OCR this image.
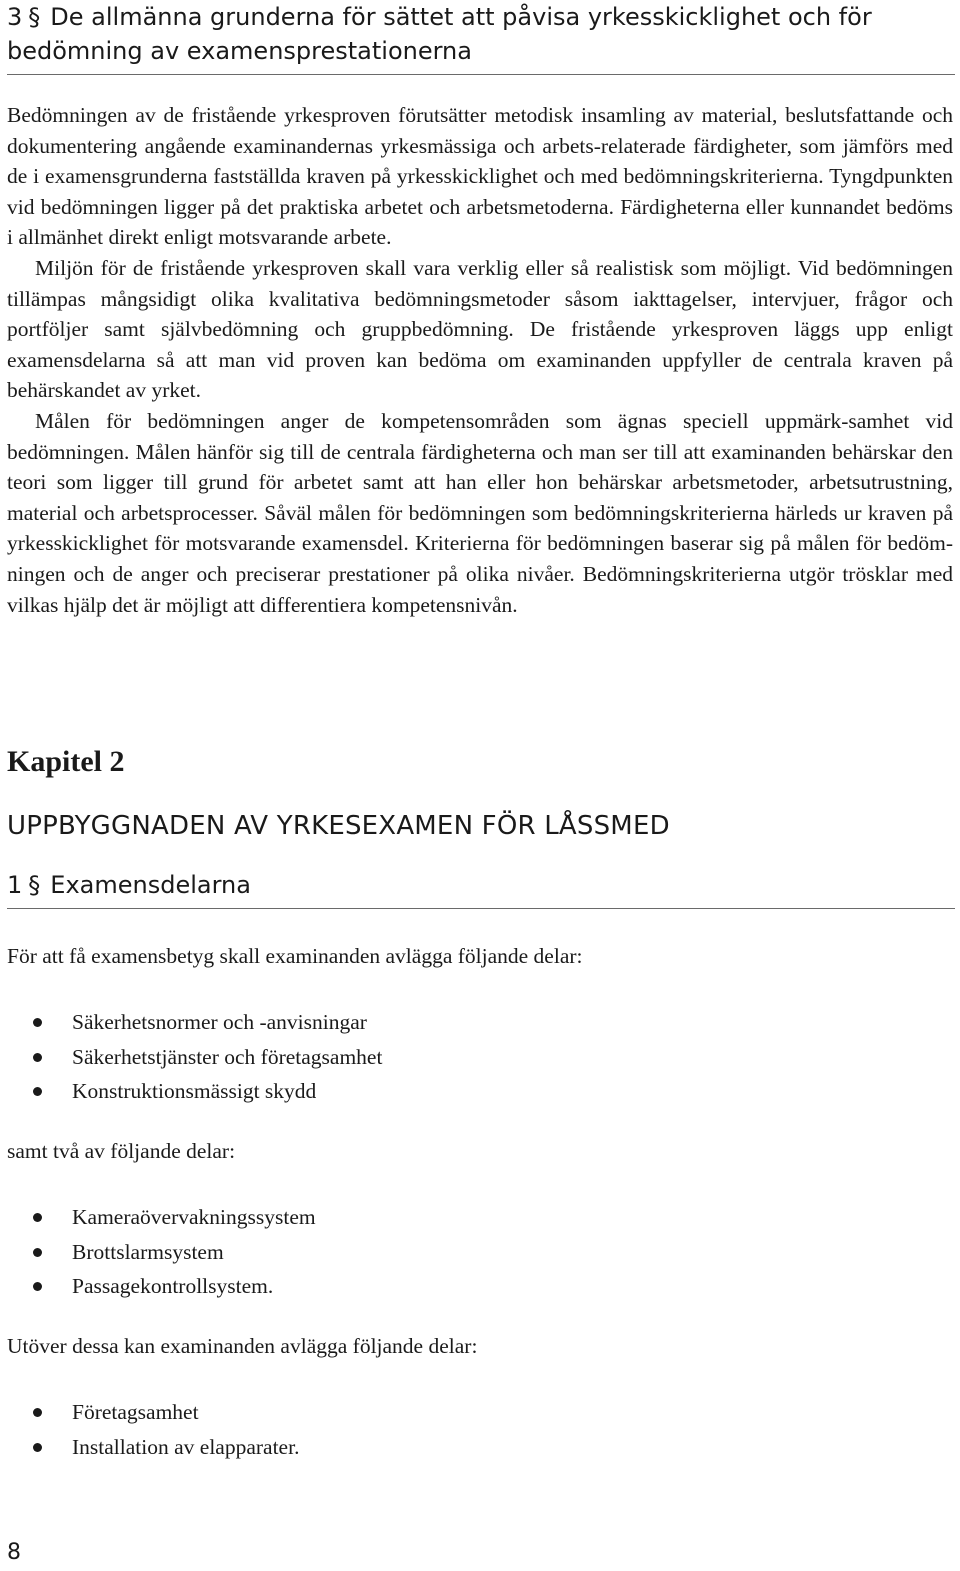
3 § De allmänna grunderna för sättet att påvisa yrkesskicklighet och för bedömning av examensprestationerna

Bedömningen av de fristående yrkesproven förutsätter metodisk insamling av material, beslutsfattande och dokumentering angående examinandernas yrkesmässiga och arbets-relaterade färdigheter, som jämförs med de i examensgrunderna fastställda kraven på yrkesskicklighet och med bedömningskriterierna. Tyngdpunkten vid bedömningen ligger på det praktiska arbetet och arbetsmetoderna. Färdigheterna eller kunnandet bedöms i allmänhet direkt enligt motsvarande arbete.

Miljön för de fristående yrkesproven skall vara verklig eller så realistisk som möjligt. Vid bedömningen tillämpas mångsidigt olika kvalitativa bedömningsmetoder såsom iakttagelser, intervjuer, frågor och portföljer samt självbedömning och gruppbedömning. De fristående yrkesproven läggs upp enligt examensdelarna så att man vid proven kan bedöma om examinanden uppfyller de centrala kraven på behärskandet av yrket.

Målen för bedömningen anger de kompetensområden som ägnas speciell uppmärk-samhet vid bedömningen. Målen hänför sig till de centrala färdigheterna och man ser till att examinanden behärskar den teori som ligger till grund för arbetet samt att han eller hon behärskar arbetsmetoder, arbetsutrustning, material och arbetsprocesser. Såväl målen för bedömningen som bedömningskriterierna härleds ur kraven på yrkesskicklighet för motsvarande examensdel. Kriterierna för bedömningen baserar sig på målen för bedöm-ningen och de anger och preciserar prestationer på olika nivåer. Bedömningskriterierna utgör trösklar med vilkas hjälp det är möjligt att differentiera kompetensnivån.

Kapitel 2
UPPBYGGNADEN AV YRKESEXAMEN FÖR LÅSSMED
1 § Examensdelarna

För att få examensbetyg skall examinanden avlägga följande delar:

Säkerhetsnormer och -anvisningar
Säkerhetstjänster och företagsamhet
Konstruktionsmässigt skydd

samt två av följande delar:

Kameraövervakningssystem
Brottslarmsystem
Passagekontrollsystem.

Utöver dessa kan examinanden avlägga följande delar:

Företagsamhet
Installation av elapparater.
8
